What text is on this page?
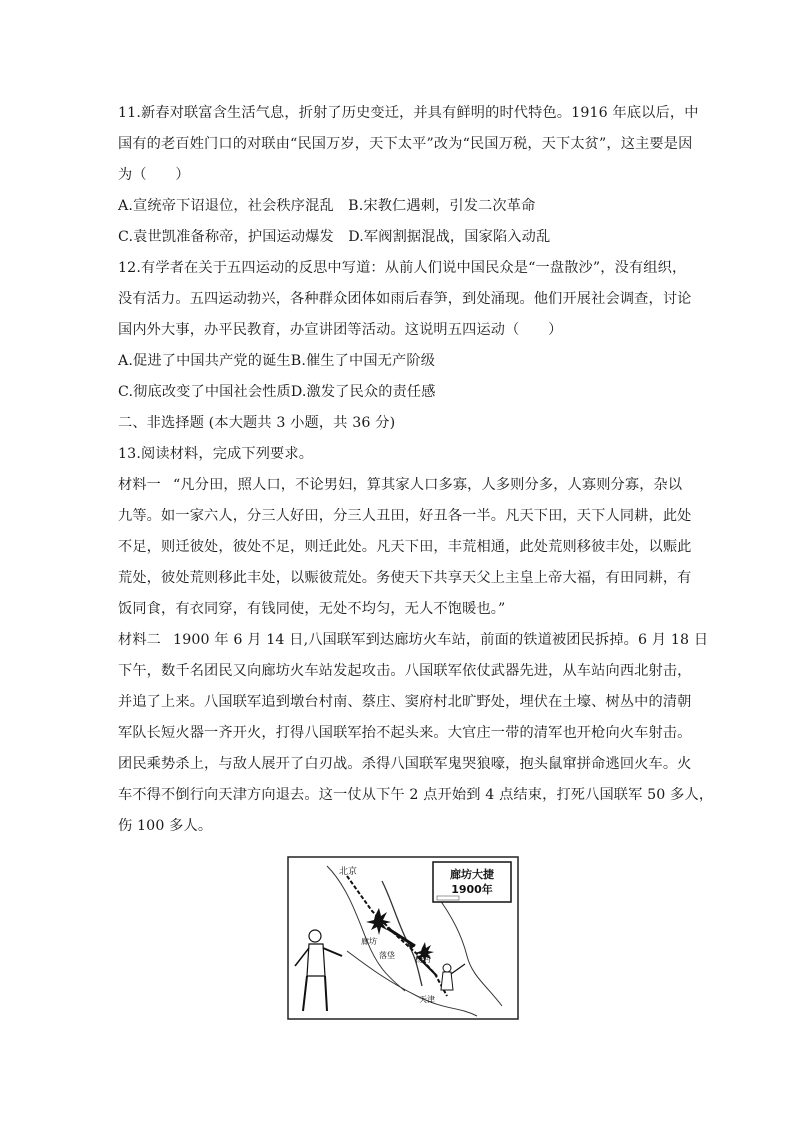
11.新春对联富含生活气息，折射了历史变迁，并具有鲜明的时代特色。1916 年底以后，中
国有的老百姓门口的对联由“民国万岁，天下太平”改为“民国万税，天下太贫”，这主要是因
为（　　）
A.宣统帝下诏退位，社会秩序混乱　B.宋教仁遇刺，引发二次革命
C.袁世凯准备称帝，护国运动爆发　D.军阀割据混战，国家陷入动乱
12.有学者在关于五四运动的反思中写道：从前人们说中国民众是“一盘散沙”，没有组织，
没有活力。五四运动勃兴，各种群众团体如雨后春笋，到处涌现。他们开展社会调查，讨论
国内外大事，办平民教育，办宣讲团等活动。这说明五四运动（　　）
A.促进了中国共产党的诞生B.催生了中国无产阶级
C.彻底改变了中国社会性质D.激发了民众的责任感
二、非选择题 (本大题共 3 小题，共 36 分)
13.阅读材料，完成下列要求。
材料一 “凡分田，照人口，不论男妇，算其家人口多寡，人多则分多，人寡则分寡，杂以
九等。如一家六人，分三人好田，分三人丑田，好丑各一半。凡天下田，天下人同耕，此处
不足，则迁彼处，彼处不足，则迁此处。凡天下田，丰荒相通，此处荒则移彼丰处，以赈此
荒处，彼处荒则移此丰处，以赈彼荒处。务使天下共享天父上主皇上帝大福，有田同耕，有
饭同食，有衣同穿，有钱同使，无处不均匀，无人不饱暖也。”
材料二 1900 年 6 月 14 日,八国联军到达廊坊火车站，前面的铁道被团民拆掉。6 月 18 日
下午，数千名团民又向廊坊火车站发起攻击。八国联军依仗武器先进，从车站向西北射击，
并追了上来。八国联军追到墩台村南、蔡庄、窦府村北旷野处，埋伏在土壕、树丛中的清朝
军队长短火器一齐开火，打得八国联军抬不起头来。大官庄一带的清军也开枪向火车射击。
团民乘势杀上，与敌人展开了白刃战。杀得八国联军鬼哭狼嚎，抱头鼠窜拼命逃回火车。火
车不得不倒行向天津方向退去。这一仗从下午 2 点开始到 4 点结束，打死八国联军 50 多人，
伤 100 多人。
北京
廊坊
落垡	杨村
天津
廊坊大捷
1900年
